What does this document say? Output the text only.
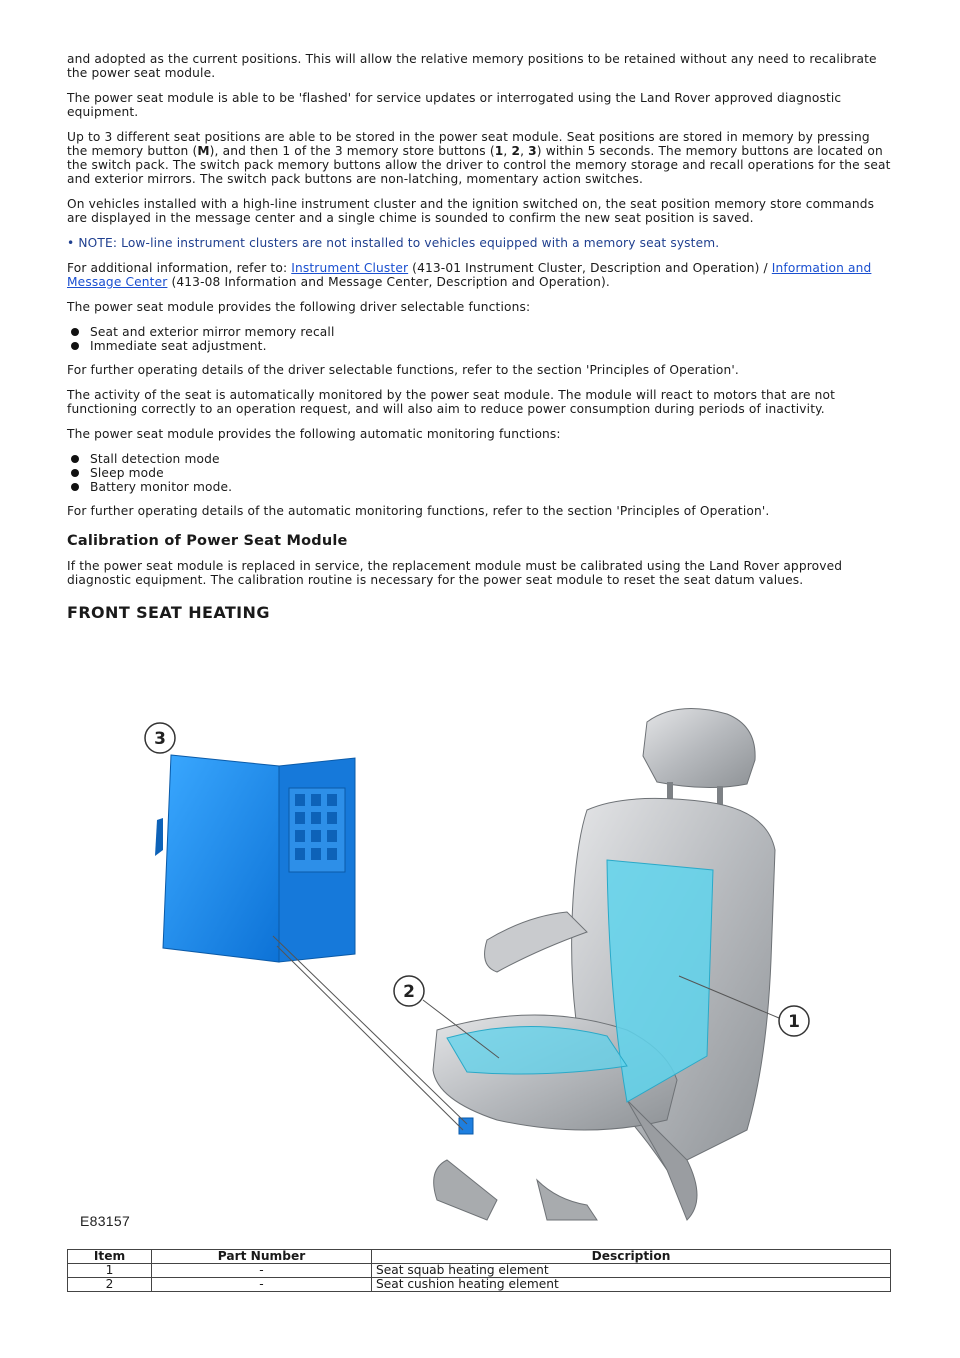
and adopted as the current positions. This will allow the relative memory positions to be retained without any need to recalibrate the power seat module.

The power seat module is able to be 'flashed' for service updates or interrogated using the Land Rover approved diagnostic equipment.

Up to 3 different seat positions are able to be stored in the power seat module. Seat positions are stored in memory by pressing the memory button (M), and then 1 of the 3 memory store buttons (1, 2, 3) within 5 seconds. The memory buttons are located on the switch pack. The switch pack memory buttons allow the driver to control the memory storage and recall operations for the seat and exterior mirrors. The switch pack buttons are non-latching, momentary action switches.

On vehicles installed with a high-line instrument cluster and the ignition switched on, the seat position memory store commands are displayed in the message center and a single chime is sounded to confirm the new seat position is saved.

• NOTE: Low-line instrument clusters are not installed to vehicles equipped with a memory seat system.

For additional information, refer to: Instrument Cluster (413-01 Instrument Cluster, Description and Operation) / Information and Message Center (413-08 Information and Message Center, Description and Operation).

The power seat module provides the following driver selectable functions:

Seat and exterior mirror memory recall
Immediate seat adjustment.

For further operating details of the driver selectable functions, refer to the section 'Principles of Operation'.

The activity of the seat is automatically monitored by the power seat module. The module will react to motors that are not functioning correctly to an operation request, and will also aim to reduce power consumption during periods of inactivity.

The power seat module provides the following automatic monitoring functions:

Stall detection mode
Sleep mode
Battery monitor mode.

For further operating details of the automatic monitoring functions, refer to the section 'Principles of Operation'.

Calibration of Power Seat Module

If the power seat module is replaced in service, the replacement module must be calibrated using the Land Rover approved diagnostic equipment. The calibration routine is necessary for the power seat module to reset the seat datum values.

FRONT SEAT HEATING
3
2
1
E83157
Item	Part Number	Description
1	-	Seat squab heating element
2	-	Seat cushion heating element
